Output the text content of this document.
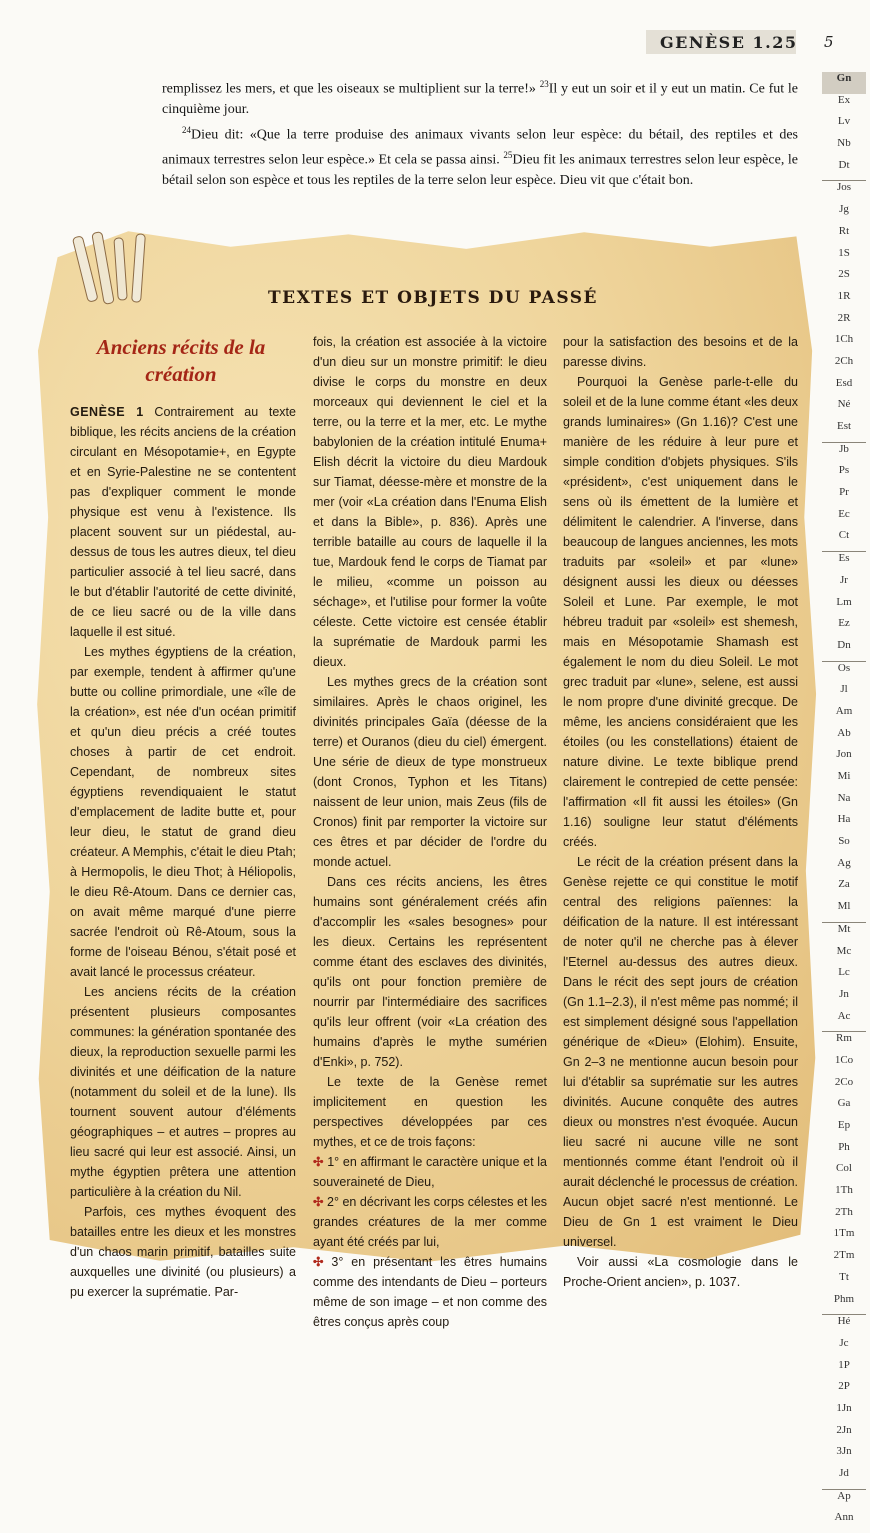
GENÈSE 1.25 5

remplissez les mers, et que les oiseaux se multiplient sur la terre!» $^{23}$Il y eut un soir et il y eut un matin. Ce fut le cinquième jour.

$^{24}$Dieu dit: «Que la terre produise des animaux vivants selon leur espèce: du bétail, des reptiles et des animaux terrestres selon leur espèce.» Et cela se passa ainsi. $^{25}$Dieu fit les animaux terrestres selon leur espèce, le bétail selon son espèce et tous les reptiles de la terre selon leur espèce. Dieu vit que c'était bon.

TEXTES ET OBJETS DU PASSÉ
Anciens récits de la création

GENÈSE 1 Contrairement au texte biblique, les récits anciens de la création circulant en Mésopotamie+, en Egypte et en Syrie-Palestine ne se contentent pas d'expliquer comment le monde physique est venu à l'existence. Ils placent souvent sur un piédestal, au-dessus de tous les autres dieux, tel dieu particulier associé à tel lieu sacré, dans le but d'établir l'autorité de cette divinité, de ce lieu sacré ou de la ville dans laquelle il est situé.

Les mythes égyptiens de la création, par exemple, tendent à affirmer qu'une butte ou colline primordiale, une «île de la création», est née d'un océan primitif et qu'un dieu précis a créé toutes choses à partir de cet endroit. Cependant, de nombreux sites égyptiens revendiquaient le statut d'emplacement de ladite butte et, pour leur dieu, le statut de grand dieu créateur. A Memphis, c'était le dieu Ptah; à Hermopolis, le dieu Thot; à Héliopolis, le dieu Rê-Atoum. Dans ce dernier cas, on avait même marqué d'une pierre sacrée l'endroit où Rê-Atoum, sous la forme de l'oiseau Bénou, s'était posé et avait lancé le processus créateur.

Les anciens récits de la création présentent plusieurs composantes communes: la génération spontanée des dieux, la reproduction sexuelle parmi les divinités et une déification de la nature (notamment du soleil et de la lune). Ils tournent souvent autour d'éléments géographiques – et autres – propres au lieu sacré qui leur est associé. Ainsi, un mythe égyptien prêtera une attention particulière à la création du Nil.

Parfois, ces mythes évoquent des batailles entre les dieux et les monstres d'un chaos marin primitif, batailles suite auxquelles une divinité (ou plusieurs) a pu exercer la suprématie. Par-

fois, la création est associée à la victoire d'un dieu sur un monstre primitif: le dieu divise le corps du monstre en deux morceaux qui deviennent le ciel et la terre, ou la terre et la mer, etc. Le mythe babylonien de la création intitulé Enuma+ Elish décrit la victoire du dieu Mardouk sur Tiamat, déesse-mère et monstre de la mer (voir «La création dans l'Enuma Elish et dans la Bible», p. 836). Après une terrible bataille au cours de laquelle il la tue, Mardouk fend le corps de Tiamat par le milieu, «comme un poisson au séchage», et l'utilise pour former la voûte céleste. Cette victoire est censée établir la suprématie de Mardouk parmi les dieux.

Les mythes grecs de la création sont similaires. Après le chaos originel, les divinités principales Gaïa (déesse de la terre) et Ouranos (dieu du ciel) émergent. Une série de dieux de type monstrueux (dont Cronos, Typhon et les Titans) naissent de leur union, mais Zeus (fils de Cronos) finit par remporter la victoire sur ces êtres et par décider de l'ordre du monde actuel.

Dans ces récits anciens, les êtres humains sont généralement créés afin d'accomplir les «sales besognes» pour les dieux. Certains les représentent comme étant des esclaves des divinités, qu'ils ont pour fonction première de nourrir par l'intermédiaire des sacrifices qu'ils leur offrent (voir «La création des humains d'après le mythe sumérien d'Enki», p. 752).

Le texte de la Genèse remet implicitement en question les perspectives développées par ces mythes, et ce de trois façons:

✣ 1° en affirmant le caractère unique et la souveraineté de Dieu,

✣ 2° en décrivant les corps célestes et les grandes créatures de la mer comme ayant été créés par lui,

✣ 3° en présentant les êtres humains comme des intendants de Dieu – porteurs même de son image – et non comme des êtres conçus après coup

pour la satisfaction des besoins et de la paresse divins.

Pourquoi la Genèse parle-t-elle du soleil et de la lune comme étant «les deux grands luminaires» (Gn 1.16)? C'est une manière de les réduire à leur pure et simple condition d'objets physiques. S'ils «président», c'est uniquement dans le sens où ils émettent de la lumière et délimitent le calendrier. A l'inverse, dans beaucoup de langues anciennes, les mots traduits par «soleil» et par «lune» désignent aussi les dieux ou déesses Soleil et Lune. Par exemple, le mot hébreu traduit par «soleil» est shemesh, mais en Mésopotamie Shamash est également le nom du dieu Soleil. Le mot grec traduit par «lune», selene, est aussi le nom propre d'une divinité grecque. De même, les anciens considéraient que les étoiles (ou les constellations) étaient de nature divine. Le texte biblique prend clairement le contrepied de cette pensée: l'affirmation «Il fit aussi les étoiles» (Gn 1.16) souligne leur statut d'éléments créés.

Le récit de la création présent dans la Genèse rejette ce qui constitue le motif central des religions païennes: la déification de la nature. Il est intéressant de noter qu'il ne cherche pas à élever l'Eternel au-dessus des autres dieux. Dans le récit des sept jours de création (Gn 1.1–2.3), il n'est même pas nommé; il est simplement désigné sous l'appellation générique de «Dieu» (Elohim). Ensuite, Gn 2–3 ne mentionne aucun besoin pour lui d'établir sa suprématie sur les autres divinités. Aucune conquête des autres dieux ou monstres n'est évoquée. Aucun lieu sacré ni aucune ville ne sont mentionnés comme étant l'endroit où il aurait déclenché le processus de création. Aucun objet sacré n'est mentionné. Le Dieu de Gn 1 est vraiment le Dieu universel.

Voir aussi «La cosmologie dans le Proche-Orient ancien», p. 1037.

Gn
Ex
Lv
Nb
Dt
Jos
Jg
Rt
1S
2S
1R
2R
1Ch
2Ch
Esd
Né
Est
Jb
Ps
Pr
Ec
Ct
Es
Jr
Lm
Ez
Dn
Os
Jl
Am
Ab
Jon
Mi
Na
Ha
So
Ag
Za
Ml
Mt
Mc
Lc
Jn
Ac
Rm
1Co
2Co
Ga
Ep
Ph
Col
1Th
2Th
1Tm
2Tm
Tt
Phm
Hé
Jc
1P
2P
1Jn
2Jn
3Jn
Jd
Ap
Ann
